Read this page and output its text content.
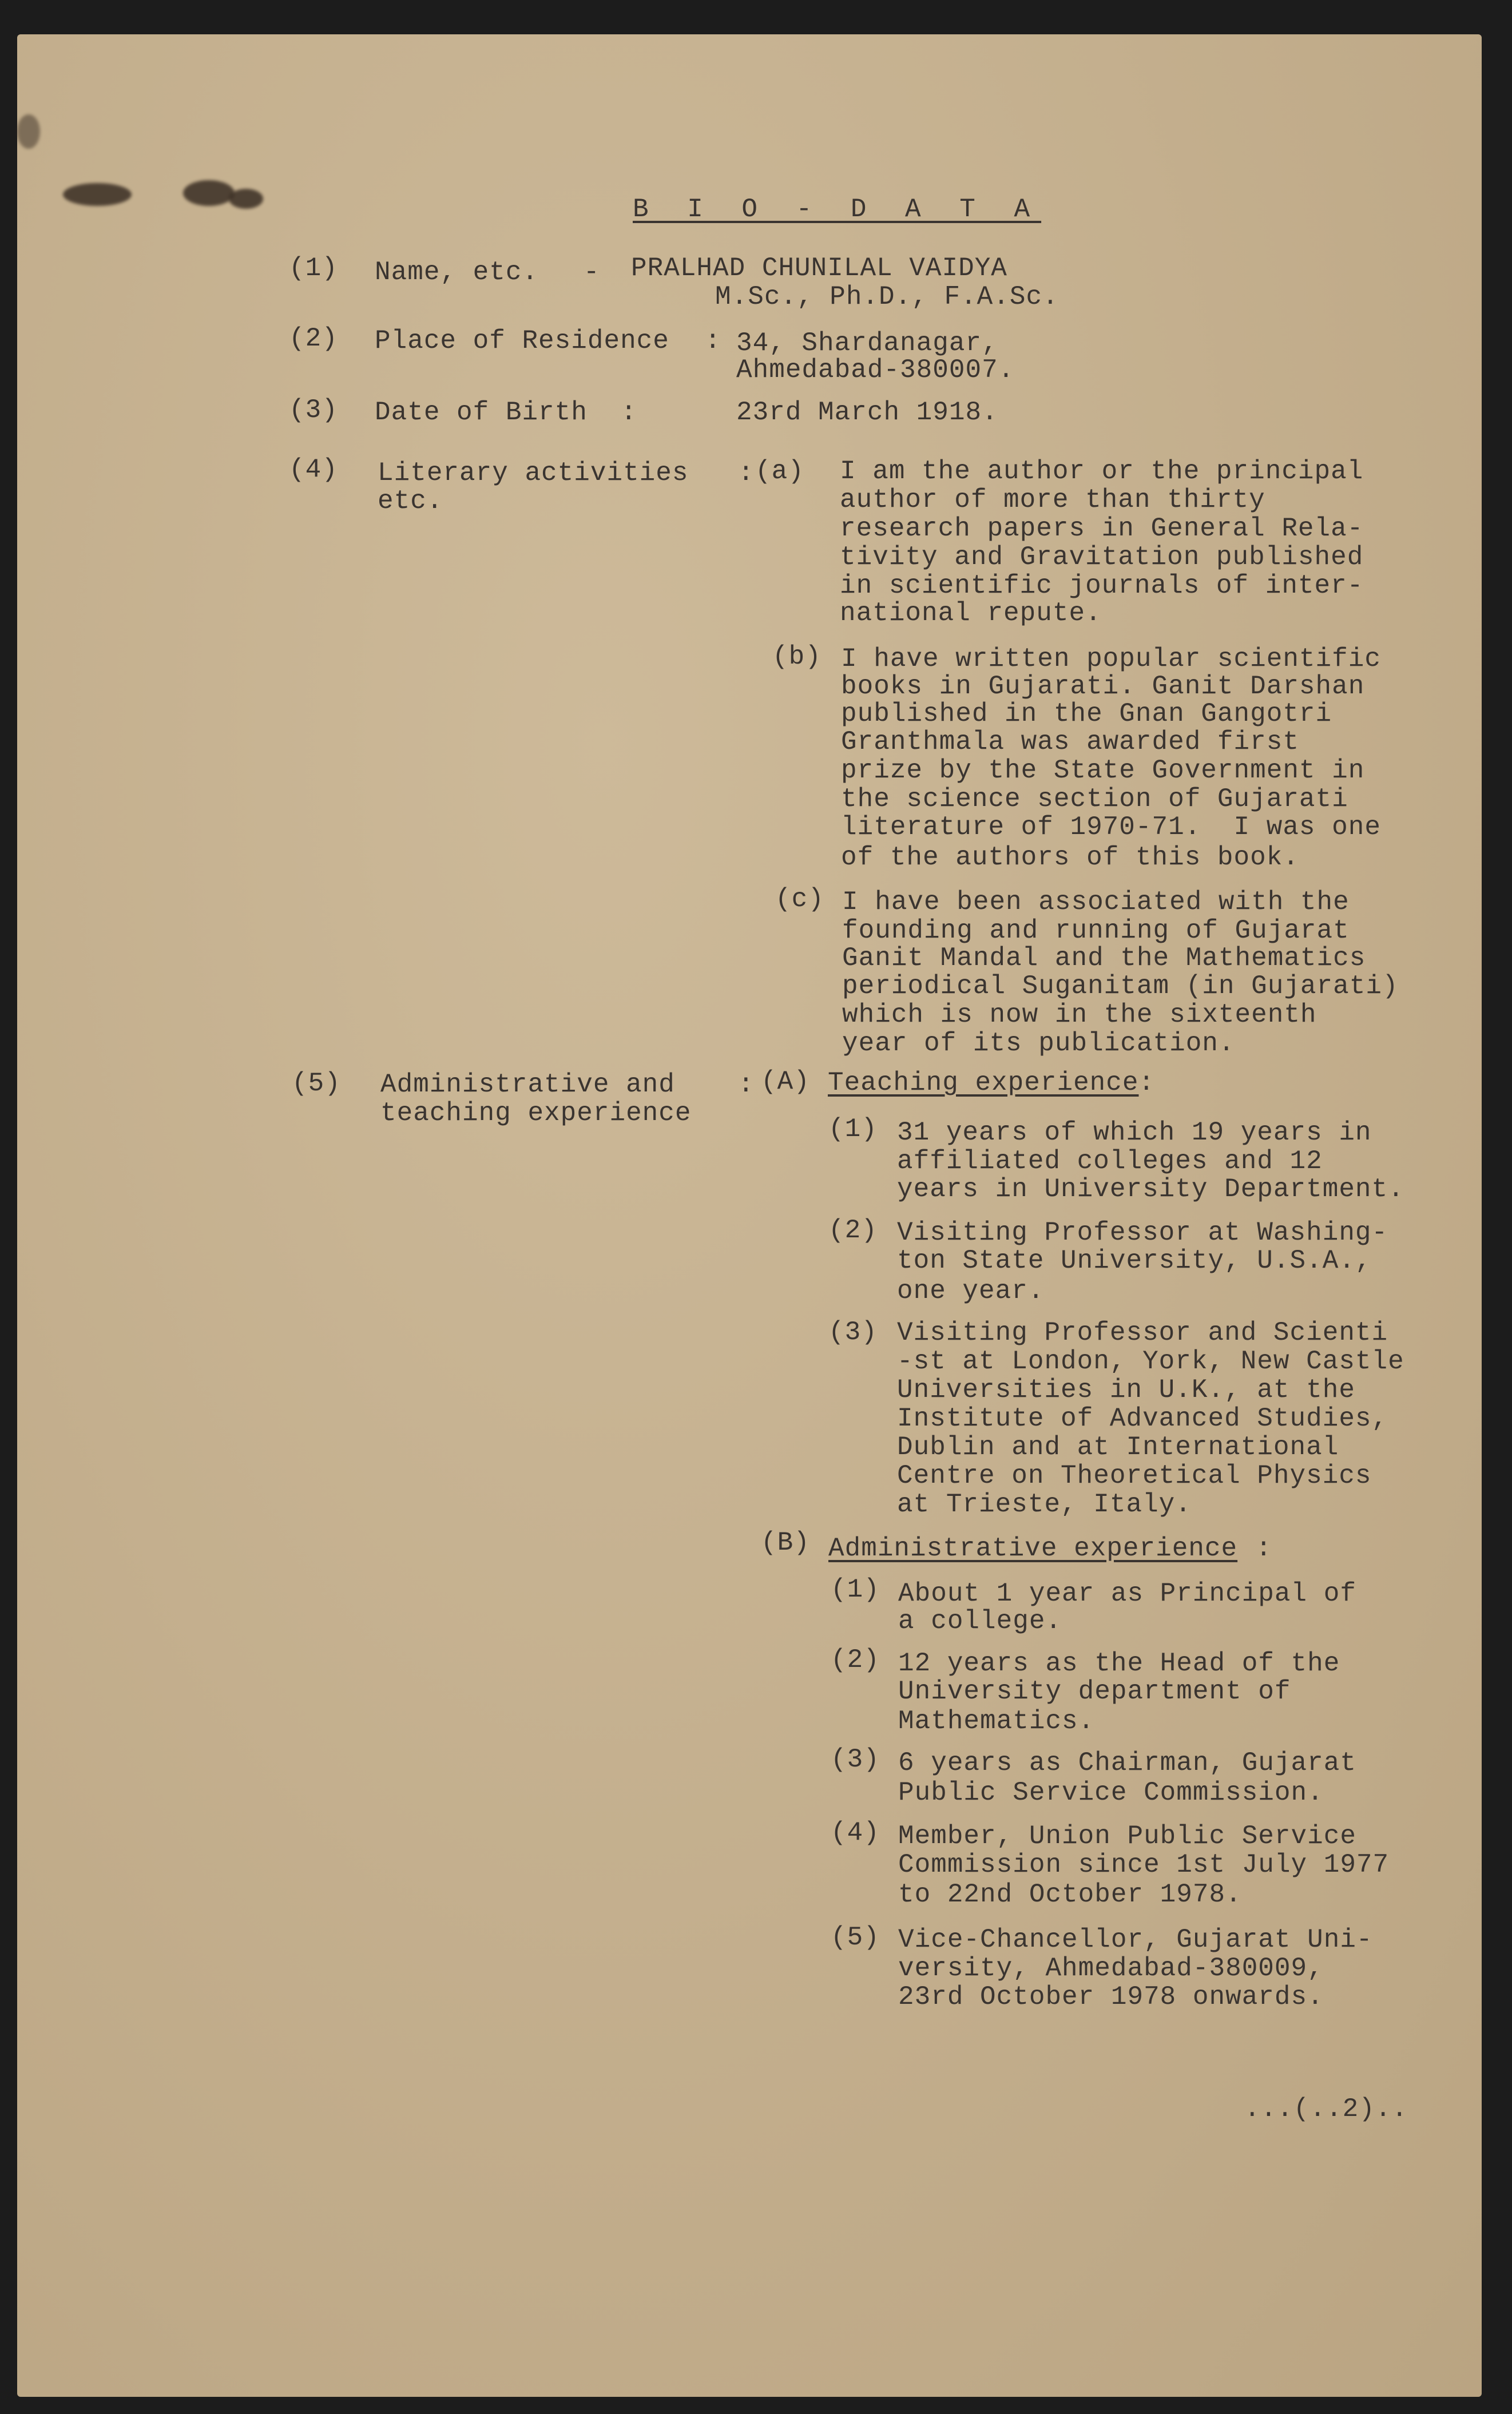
B I O - D A T A
(1) Name, etc. - PRALHAD CHUNILAL VAIDYA
M.Sc., Ph.D., F.A.Sc.
(2) Place of Residence : 34, Shardanagar,
Ahmedabad-380007.
(3) Date of Birth :	23rd March 1918.
(4) Literary activities
etc.
: (a) I am the author or the principal
author of more than thirty
research papers in General Rela-
tivity and Gravitation published
in scientific journals of inter-
national repute.
(b) I have written popular scientific
books in Gujarati. Ganit Darshan
published in the Gnan Gangotri
Granthmala was awarded first
prize by the State Government in
the science section of Gujarati
literature of 1970-71.  I was one
of the authors of this book.
(c) I have been associated with the
founding and running of Gujarat
Ganit Mandal and the Mathematics
periodical Suganitam (in Gujarati)
which is now in the sixteenth
year of its publication.
(5) Administrative and
teaching experience
: (A) Teaching experience :
(1) 31 years of which 19 years in
affiliated colleges and 12
years in University Department.
(2) Visiting Professor at Washing-
ton State University, U.S.A.,
one year.
(3) Visiting Professor and Scienti
-st at London, York, New Castle
Universities in U.K., at the
Institute of Advanced Studies,
Dublin and at International
Centre on Theoretical Physics
at Trieste, Italy.
(B) Administrative experience :
(1) About 1 year as Principal of
a college.
(2) 12 years as the Head of the
University department of
Mathematics.
(3) 6 years as Chairman, Gujarat
Public Service Commission.
(4) Member, Union Public Service
Commission since 1st July 1977
to 22nd October 1978.
(5) Vice-Chancellor, Gujarat Uni-
versity, Ahmedabad-380009,
23rd October 1978 onwards.
...(..2)..
